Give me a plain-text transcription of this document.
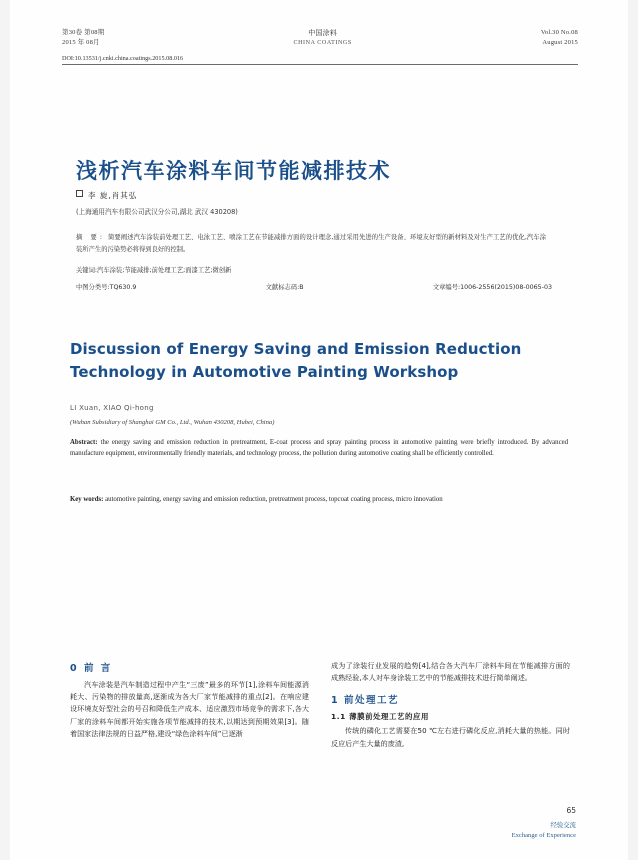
第30卷 第08期
2015 年 08月
中国涂料
CHINA COATINGS
Vol.30 No.08
August 2015
DOI:10.13531/j.cnki.china.coatings.2015.08.016
浅析汽车涂料车间节能减排技术
李 旋,肖其弘
(上海通用汽车有限公司武汉分公司,湖北 武汉 430208)
摘 要: 简要阐述汽车涂装前处理工艺、电泳工艺、喷涂工艺在节能减排方面的设计理念,通过采用先进的生产设备、环境友好型的新材料及对生产工艺的优化,汽车涂装所产生的污染势必将得到良好的控制。
关键词:汽车涂装;节能减排;前处理工艺;面漆工艺;微创新
中图分类号:TQ630.9	文献标志码:B	文章编号:1006-2556(2015)08-0065-03
Discussion of Energy Saving and Emission Reduction
Technology in Automotive Painting Workshop
LI Xuan, XIAO Qi-hong
(Wuhan Subsidiary of Shanghai GM Co., Ltd., Wuhan 430208, Hubei, China)
Abstract: the energy saving and emission reduction in pretreatment, E-coat process and spray painting process in automotive painting were briefly introduced. By advanced manufacture equipment, environmentally friendly materials, and technology process, the pollution during automotive coating shall be efficiently controlled.
Key words: automotive painting, energy saving and emission reduction, pretreatment process, topcoat coating process, micro innovation
0 前 言
汽车涂装是汽车制造过程中产生“三废”最多的环节[1],涂料车间能源消耗大、污染物的排放量高,逐渐成为各大厂家节能减排的重点[2]。在响应建设环境友好型社会的号召和降低生产成本、适应激烈市场竞争的需求下,各大厂家的涂料车间都开始实施各项节能减排的技术,以期达到预期效果[3]。随着国家法律法规的日益严格,建设“绿色涂料车间”已逐渐
成为了涂装行业发展的趋势[4],结合各大汽车厂涂料车间在节能减排方面的成熟经验,本人对车身涂装工艺中的节能减排技术进行简单阐述。
1 前处理工艺
1.1 薄膜前处理工艺的应用
传统的磷化工艺需要在50 ℃左右进行磷化反应,消耗大量的热能。同时反应后产生大量的废渣,
65
经验交流
Exchange of Experience
